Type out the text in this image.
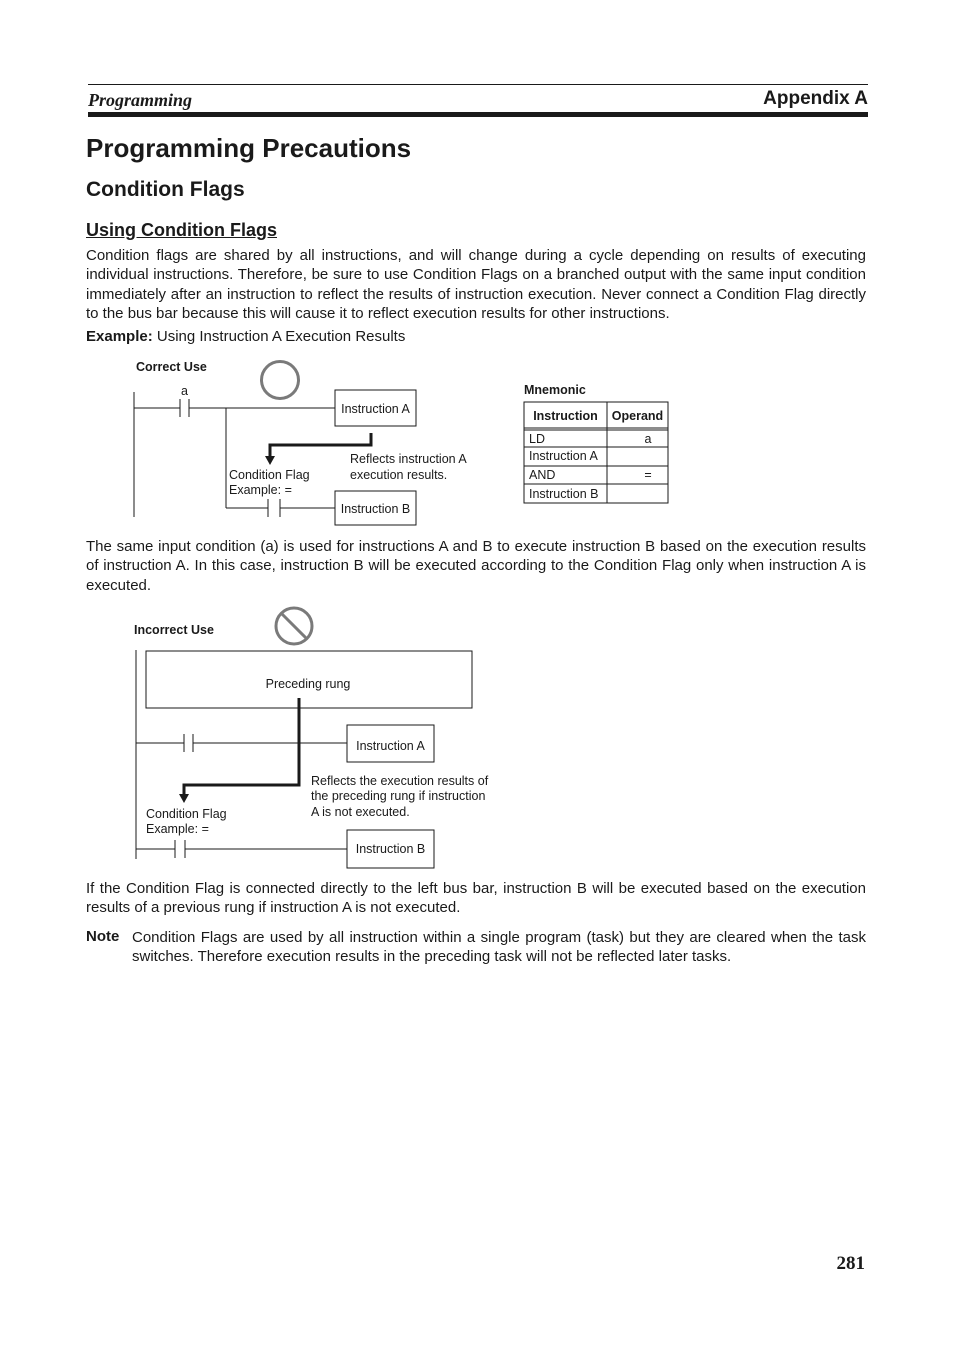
Programming	Appendix A
Programming Precautions
Condition Flags
Using Condition Flags
Condition flags are shared by all instructions, and will change during a cycle depending on results of executing individual instructions. Therefore, be sure to use Condition Flags on a branched output with the same input condition immediately after an instruction to reflect the results of instruction execution. Never connect a Condition Flag directly to the bus bar because this will cause it to reflect execution results for other instructions.
Example: Using Instruction A Execution Results
Correct Use
a
Instruction A
Instruction B
Condition Flag
Example: =
Reflects instruction A
execution results.
Mnemonic
Instruction Operand
LD	a
Instruction A
AND	=
Instruction B
Incorrect Use
Preceding rung
Instruction A
Reflects the execution results of
the preceding rung if instruction
A is not executed.
Condition Flag
Example: =
Instruction B
The same input condition (a) is used for instructions A and B to execute instruction B based on the execution results of instruction A. In this case, instruction B will be executed according to the Condition Flag only when instruction A is executed.
If the Condition Flag is connected directly to the left bus bar, instruction B will be executed based on the execution results of a previous rung if instruction A is not executed.
Note Condition Flags are used by all instruction within a single program (task) but they are cleared when the task switches. Therefore execution results in the preceding task will not be reflected later tasks.
281
